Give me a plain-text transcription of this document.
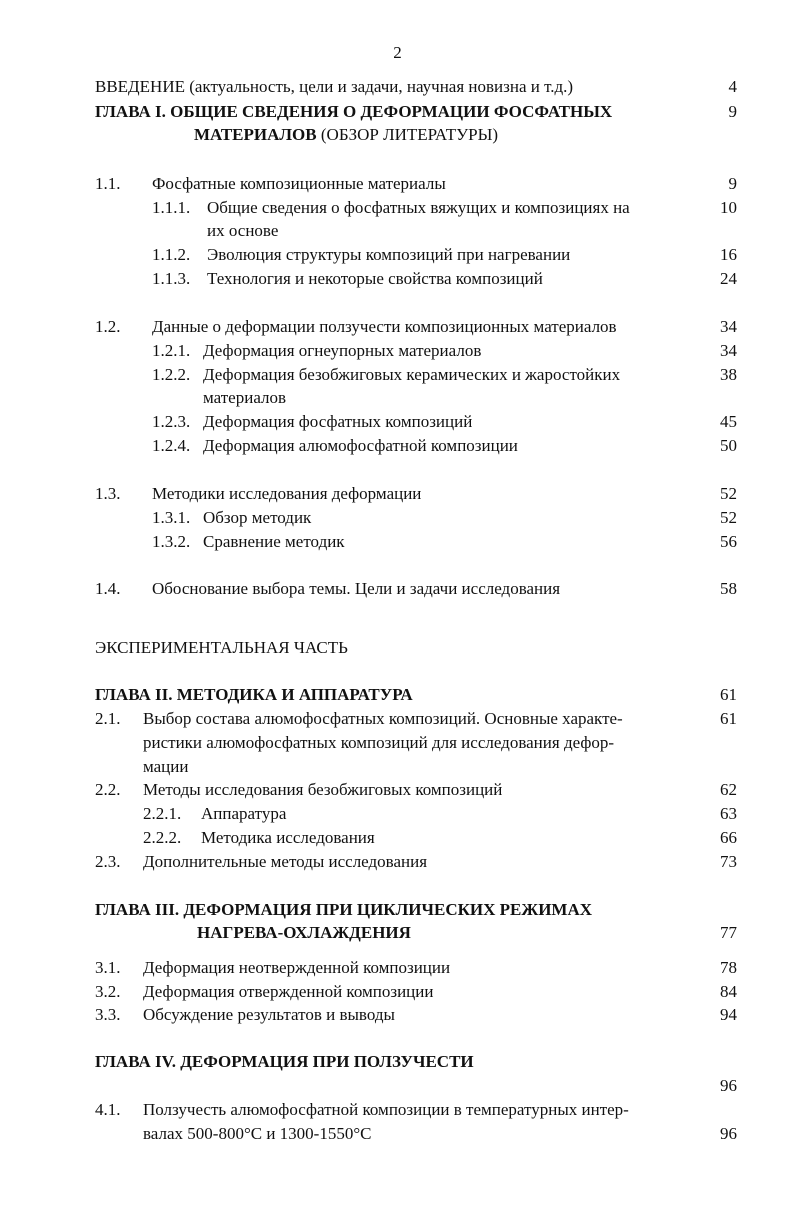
2
ВВЕДЕНИЕ (актуальность, цели и задачи, научная новизна и т.д.)	4
ГЛАВА I. ОБЩИЕ СВЕДЕНИЯ О ДЕФОРМАЦИИ ФОСФАТНЫХ	9
МАТЕРИАЛОВ (ОБЗОР ЛИТЕРАТУРЫ)
1.1. Фосфатные композиционные материалы	9
1.1.1. Общие сведения о фосфатных вяжущих и композициях на	10
их основе
1.1.2. Эволюция структуры композиций при нагревании	16
1.1.3. Технология и некоторые свойства композиций	24
1.2. Данные о деформации ползучести композиционных материалов	34
1.2.1. Деформация огнеупорных материалов	34
1.2.2. Деформация безобжиговых керамических и жаростойких	38
материалов
1.2.3. Деформация фосфатных композиций	45
1.2.4. Деформация алюмофосфатной композиции	50
1.3. Методики исследования деформации	52
1.3.1. Обзор методик	52
1.3.2. Сравнение методик	56
1.4. Обоснование выбора темы. Цели и задачи исследования	58
ЭКСПЕРИМЕНТАЛЬНАЯ ЧАСТЬ
ГЛАВА II. МЕТОДИКА И АППАРАТУРА	61
2.1. Выбор состава алюмофосфатных композиций. Основные характе-	61
ристики алюмофосфатных композиций для исследования дефор-
мации
2.2. Методы исследования безобжиговых композиций	62
2.2.1. Аппаратура	63
2.2.2. Методика исследования	66
2.3. Дополнительные методы исследования	73
ГЛАВА III. ДЕФОРМАЦИЯ ПРИ ЦИКЛИЧЕСКИХ РЕЖИМАХ
НАГРЕВА-ОХЛАЖДЕНИЯ	77
3.1. Деформация неотвержденной композиции	78
3.2. Деформация отвержденной композиции	84
3.3. Обсуждение результатов и выводы	94
ГЛАВА IV. ДЕФОРМАЦИЯ ПРИ ПОЛЗУЧЕСТИ
96
4.1. Ползучесть алюмофосфатной композиции в температурных интер-
валах 500-800°С и 1300-1550°С	96
